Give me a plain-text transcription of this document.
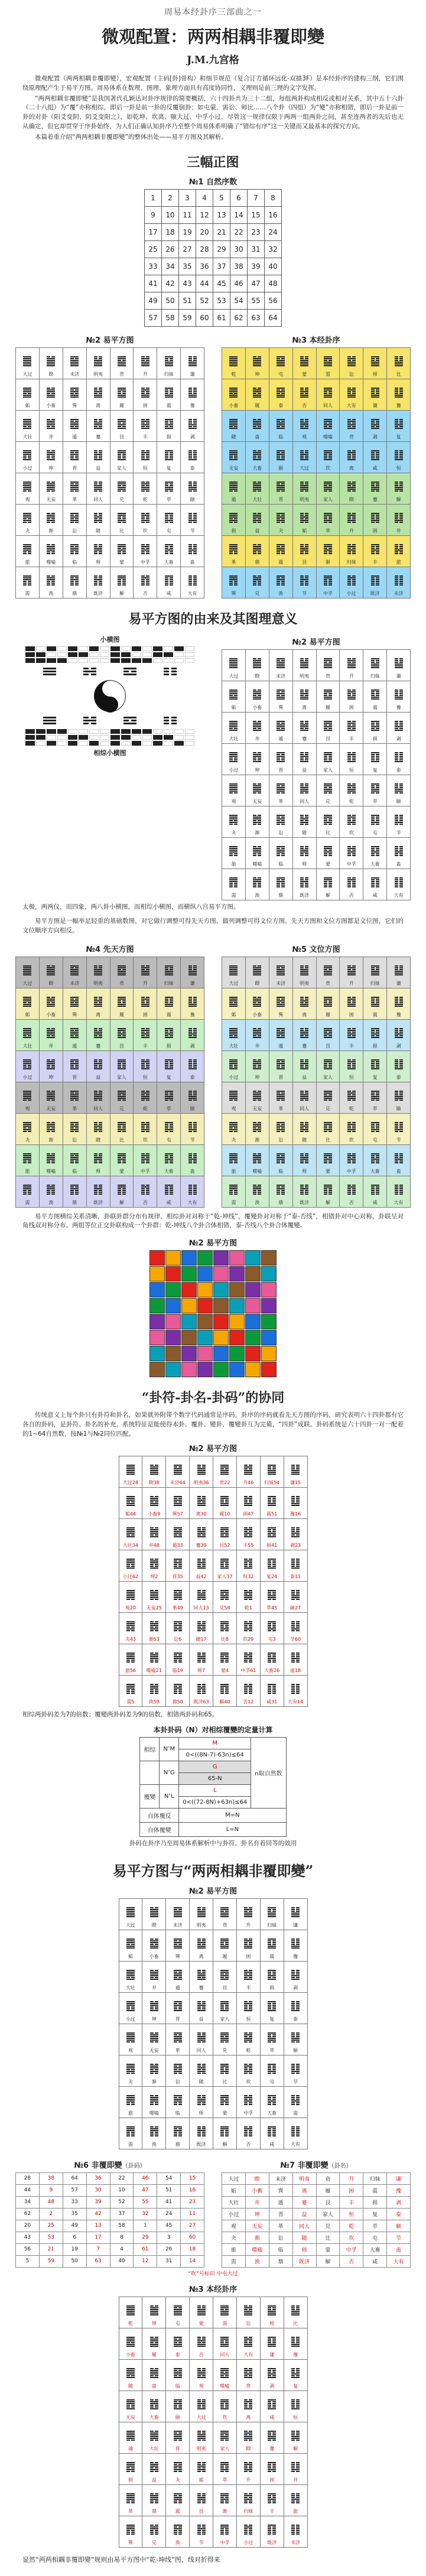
周易本经卦序三部曲之一
微观配置：两两相耦非覆即變
J.M.九宫格
微观配置（两两相耦非覆即變），宏观配置（主码[卦]骨构）和细节规范（复合订方循环远化-双描3F）是本经卦序的建构三纲，它们围绕原理配产生于易平方图。周易体系在数理、图理、象理方面具有高度协同性，义理则是前三理的文字发挥。
“两两相耦非覆即變”是我国著代孔颖达对卦序规律的简要概括，六十四卦共为三十二组，每组两卦构成相反或相对关系，其中五十六卦（二十八组）为“覆”亦称相综，即后一卦是前一卦的反覆倒卦；如屯蒙、需讼、师比……八个卦（四组）为“變”亦称相错，即后一卦是前一卦的对卦（阳爻变阴、阴爻变阳之），如乾坤、坎离、颐大过、中孚小过，尽管这一规律仅限于两两一组两卦之间，甚至连两者的先后也无从确定，但它却贯穿于序卦始终，为人们正确认知卦序乃至整个周易体系明确了“错综有序”这一关键而又最基本的探究方向。
本篇着重介绍“两两相耦非覆即變”的整体出处——易平方图及其解析。
三幅正图
№1 自然序数
1	2	3	4	5	6	7	8
9	10	11	12	13	14	15	16
17	18	19	20	21	22	23	24
25	26	27	28	29	30	31	32
33	34	35	36	37	38	39	40
41	42	43	44	45	46	47	48
49	50	51	52	53	54	55	56
57	58	59	60	61	62	63	64
№2 易平方图

大过	睽	未济	明夷	贲	升	归妹	谦

姤	小畜	巽	离	履	困	震	豫

大壮	井	遁	蹇	艮	丰	损	剥

小过	坤	晋	益	家人	恒	复	泰

观	无妄	革	同人	兑	乾	萃	颐

夬	渐	讼	随	比	坎	屯	节

旅	噬嗑	临	师	蒙	中孚	大畜	蛊

需	涣	鼎	既济	解	否	咸	大有
№3 本经卦序

乾	坤	屯	蒙	需	讼	师	比

小畜	履	泰	否	同人	大有	谦	豫

随	蛊	临	观	噬嗑	贲	剥	复

无妄	大畜	颐	大过	坎	离	咸	恒

遁	大壮	晋	明夷	家人	睽	蹇	解

损	益	夬	姤	萃	升	困	井

革	鼎	震	艮	渐	归妹	丰	旅

巽	兑	涣	节	中孚	小过	既济	未济
易平方图的由来及其图理意义
小横图
相综小横图
№2 易平方图

大过	睽	未济	明夷	贲	升	归妹	谦

姤	小畜	巽	离	履	困	震	豫

大壮	井	遁	蹇	艮	丰	损	剥

小过	坤	晋	益	家人	恒	复	泰

观	无妄	革	同人	兑	乾	萃	颐

夬	渐	讼	随	比	坎	屯	节

旅	噬嗑	临	师	蒙	中孚	大畜	蛊

需	涣	鼎	既济	解	否	咸	大有
太极，两两仪，而四象，两八卦小横图，而相综小横图，而横纵八宫易平方图。
易平方图是一幅举足轻重的基础数图，对它做行调整可得先天方图、做列调整可得文位方图。先天方图和文位方图都是文位图，它们的文位顺序方向相反。
№4 先天方图

大过	睽	未济	明夷	贲	升	归妹	谦

姤	小畜	巽	离	履	困	震	豫

大壮	井	遁	蹇	艮	丰	损	剥

小过	坤	晋	益	家人	恒	复	泰

观	无妄	革	同人	兑	乾	萃	颐

夬	渐	讼	随	比	坎	屯	节

旅	噬嗑	临	师	蒙	中孚	大畜	蛊

需	涣	鼎	既济	解	否	咸	大有
№5 文位方图

大过	睽	未济	明夷	贲	升	归妹	谦

姤	小畜	巽	离	履	困	震	豫

大壮	井	遁	蹇	艮	丰	损	剥

小过	坤	晋	益	家人	恒	复	泰

观	无妄	革	同人	兑	乾	萃	颐

夬	渐	讼	随	比	坎	屯	节

旅	噬嗑	临	师	蒙	中孚	大畜	蛊

需	涣	鼎	既济	解	否	咸	大有
易平方图横综关系清晰，卦联卦群分布有规律，相综卦对对称于“乾-坤线”，覆變卦对对称于“泰-否线”，相错卦对中心对称，卦联呈对角线双对称分布。两组等位正交卦联构成一个卦群：乾-坤线八个卦合体相错，泰-否线八个卦合体覆變。
№2 易平方图
“卦符-卦名-卦码”的协同
传统意义上每个卦只有卦符和卦名，如果就外附带个数字代码通常是序码。卦序的序码就看先天方图的序码，研究表明六十四卦都有它各自的卦码，是卦符、卦名的补充，系统特征是能使得本卦、覆卦、變卦、覆變卦互为完備，“四卦”成联。卦码系统是六十四卦一对一配着的1~64自然数，按№1与№2同位匹配。
№2 易平方图

大过28	睽38	未济64	明夷36	贲22	升46	归妹54	谦15

姤44	小畜9	巽57	离30	履10	困47	震51	豫16

大壮34	井48	遁33	蹇39	艮52	丰55	损41	剥23

小过62	坤2	晋35	益42	家人37	恒32	复24	泰11

观20	无妄25	革49	同人13	兑58	乾1	萃45	颐27

夬43	渐53	讼6	随17	比8	坎29	屯3	节60

旅56	噬嗑21	临19	师7	蒙4	中孚61	大畜26	蛊18

需5	涣59	鼎50	既济63	解40	否12	咸31	大有14
相综两卦码差为7的倍数；覆變两卦码差为9的倍数，相错两卦码和65。
本卦卦码（N）对相综覆變的定量计算
相综	N″M	M	n取自然数
		0<((8N-7)-63n)≤64	
	N″G	G	
		65-N	
覆變	N″L	L	
		0<((72-8N)+63n)≤64	
自体覆反		M=N	
自体覆變		L=N	
卦码在卦序乃至周易体系解析中与卦符、卦名有着同等的效用
易平方图与“两两相耦非覆即變”
№2 易平方图

大过	睽	未济	明夷	贲	升	归妹	谦

姤	小畜	巽	离	履	困	震	豫

大壮	井	遁	蹇	艮	丰	损	剥

小过	坤	晋	益	家人	恒	复	泰

观	无妄	革	同人	兑	乾	萃	颐

夬	渐	讼	随	比	坎	屯	节

旅	噬嗑	临	师	蒙	中孚	大畜	蛊

需	涣	鼎	既济	解	否	咸	大有
№6 非覆即變（卦码）
28	38	64	36	22	46	54	15
44	9	57	30	10	47	51	16
34	48	33	39	52	55	41	23
62	2	35	42	37	32	24	11
20	25	49	13	58	1	45	27
43	53	6	17	8	29	3	60
56	21	19	7	4	61	26	18
5	59	50	63	40	12	31	14
№7 非覆即變（卦名）
大过	睽	未济	明夷	贲	升	归妹	谦
姤	小畜	巽	离	履	困	震	豫
大壮	井	遁	蹇	艮	丰	损	剥
小过	坤	晋	益	家人	恒	复	泰
观	无妄	革	同人	兑	乾	萃	颐
夬	渐	讼	随	比	坎	屯	节
旅	噬嗑	临	师	蒙	中孚	大畜	蛊
需	涣	鼎	既济	解	否	咸	大有
“吹”号标识 中屯大过
№3 本经卦序

乾	坤	屯	蒙	需	讼	师	比

小畜	履	泰	否	同人	大有	谦	豫

随	蛊	临	观	噬嗑	贲	剥	复

无妄	大畜	颐	大过	坎	离	咸	恒

遁	大壮	晋	明夷	家人	睽	蹇	解

损	益	夬	姤	萃	升	困	井

革	鼎	震	艮	渐	归妹	丰	旅

巽	兑	涣	节	中孚	小过	既济	未济
显然“两两相耦非覆即變”规则由易平方图中“乾-坤线”图、线对折得来
